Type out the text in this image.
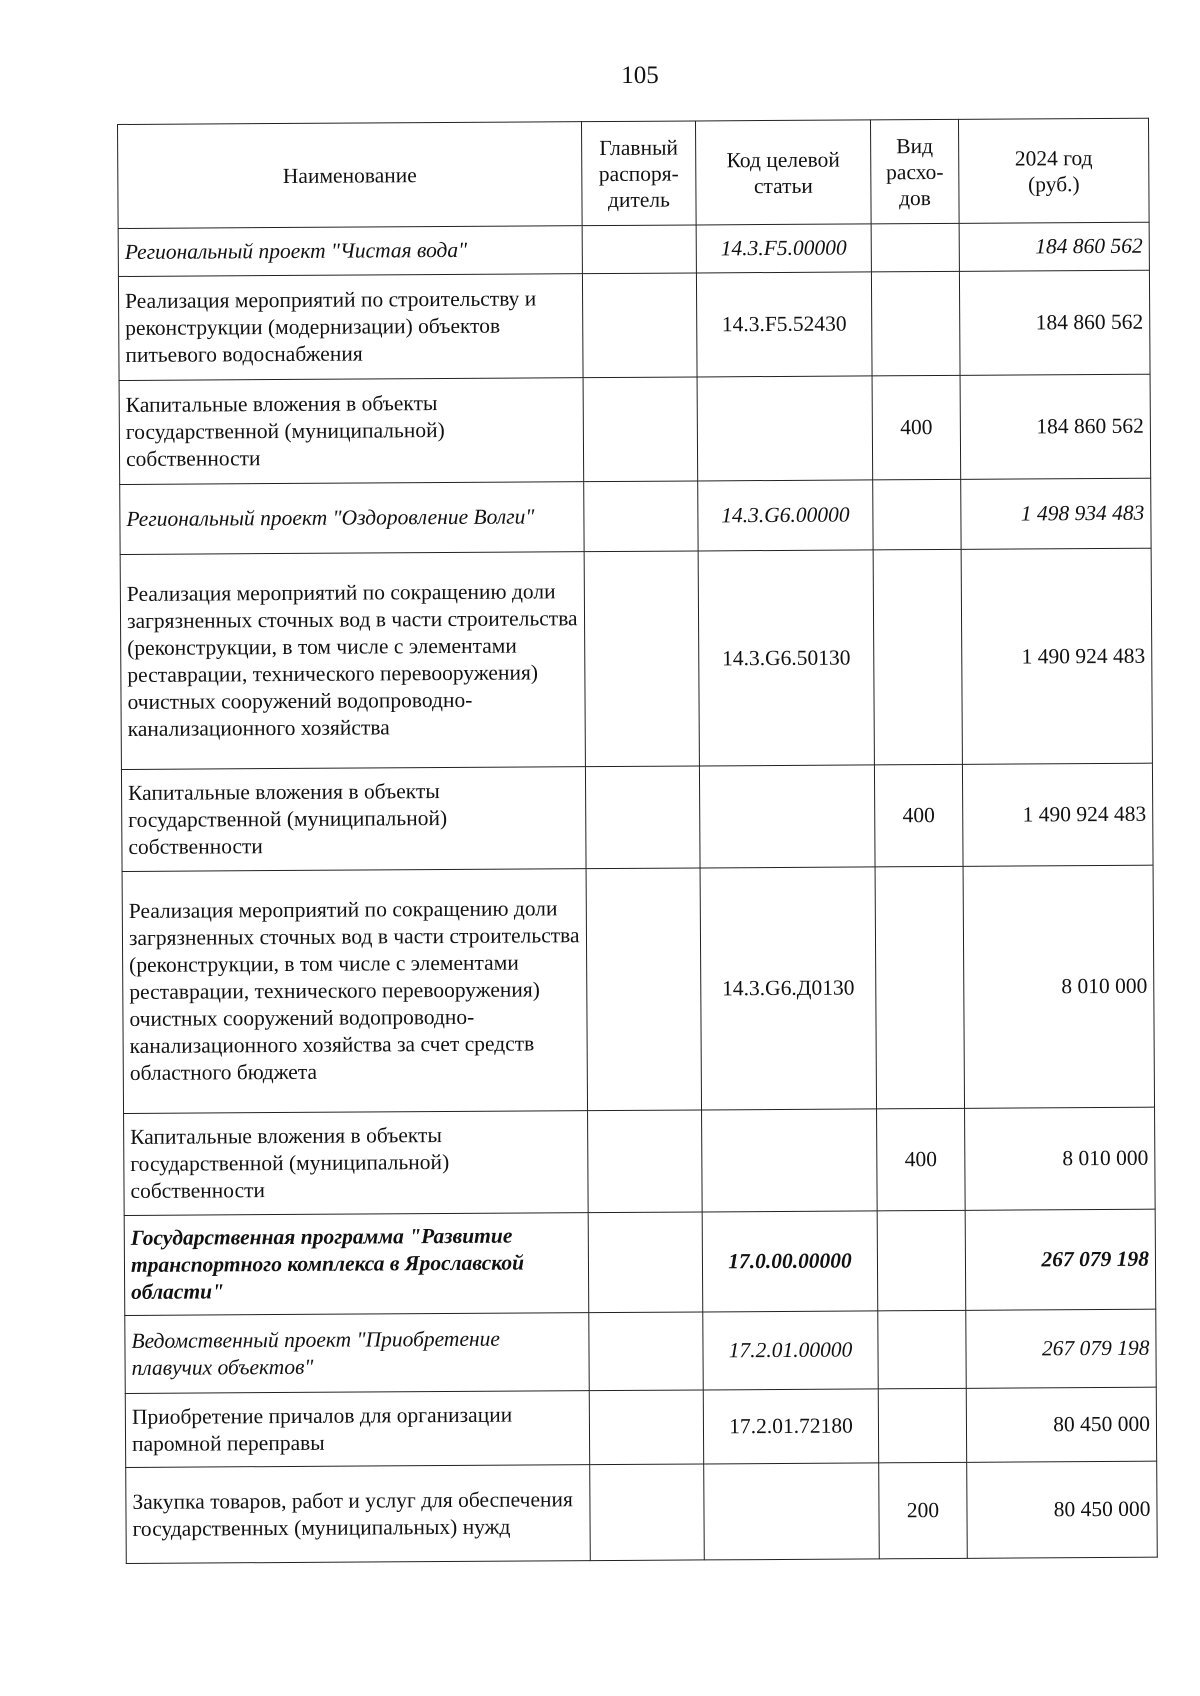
105
Наименование	Главный распоря-дитель	Код целевой статьи	Вид расхо-дов	2024 год (руб.)
Региональный проект "Чистая вода"		14.3.F5.00000		184 860 562
Реализация мероприятий по строительству и реконструкции (модернизации) объектов питьевого водоснабжения		14.3.F5.52430		184 860 562
Капитальные вложения в объекты государственной (муниципальной) собственности			400	184 860 562
Региональный проект "Оздоровление Волги"		14.3.G6.00000		1 498 934 483
Реализация мероприятий по сокращению доли загрязненных сточных вод в части строительства (реконструкции, в том числе с элементами реставрации, технического перевооружения) очистных сооружений водопроводно-канализационного хозяйства		14.3.G6.50130		1 490 924 483
Капитальные вложения в объекты государственной (муниципальной) собственности			400	1 490 924 483
Реализация мероприятий по сокращению доли загрязненных сточных вод в части строительства (реконструкции, в том числе с элементами реставрации, технического перевооружения) очистных сооружений водопроводно-канализационного хозяйства за счет средств областного бюджета		14.3.G6.Д0130		8 010 000
Капитальные вложения в объекты государственной (муниципальной) собственности			400	8 010 000
Государственная программа "Развитие транспортного комплекса в Ярославской области"		17.0.00.00000		267 079 198
Ведомственный проект "Приобретение плавучих объектов"		17.2.01.00000		267 079 198
Приобретение причалов для организации паромной переправы		17.2.01.72180		80 450 000
Закупка товаров, работ и услуг для обеспечения государственных (муниципальных) нужд			200	80 450 000
